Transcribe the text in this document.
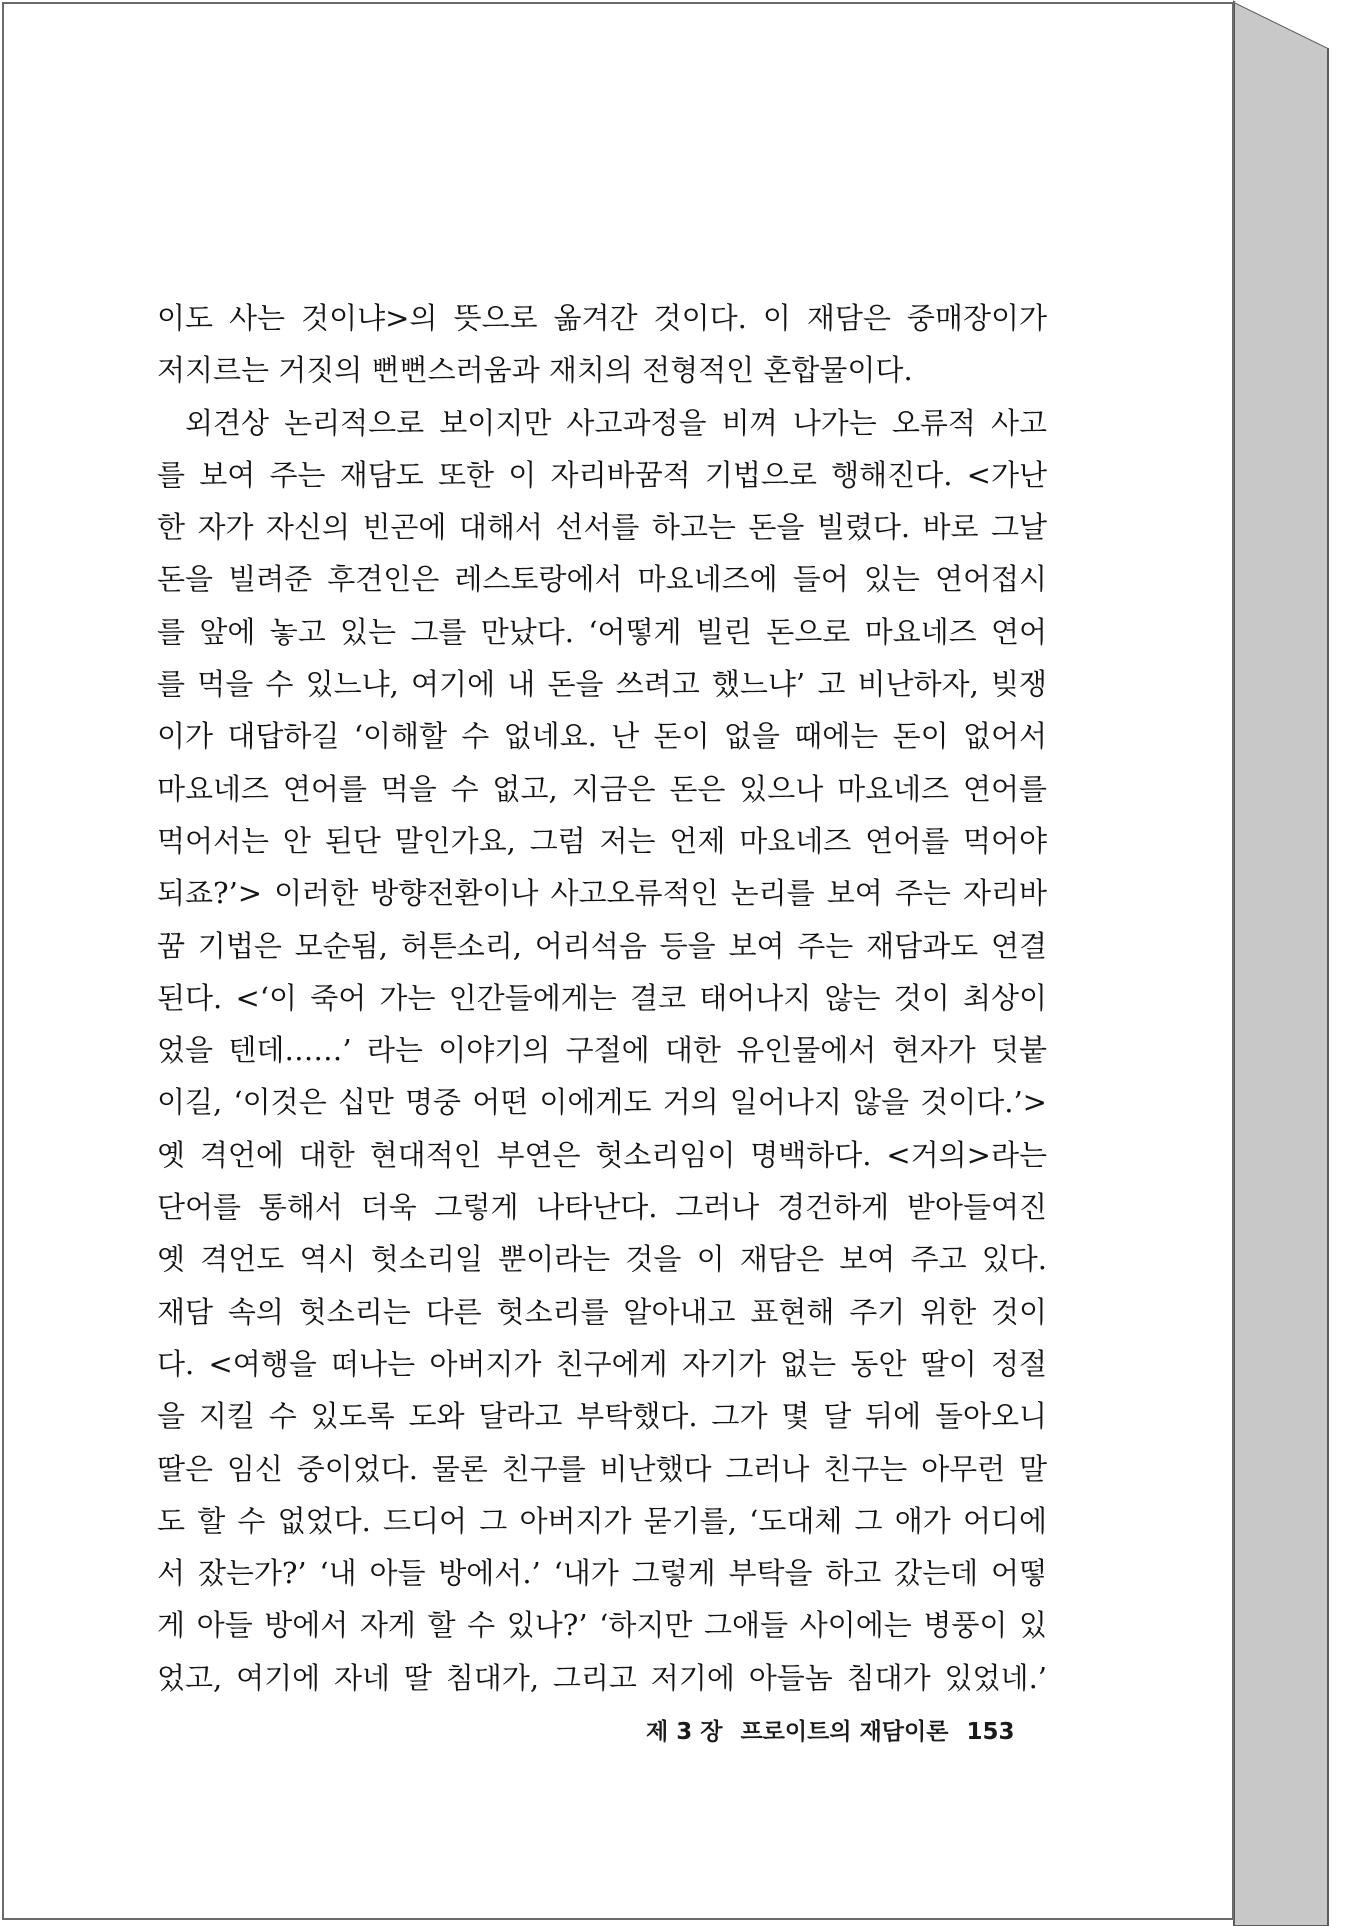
이도 사는 것이냐>의 뜻으로 옮겨간 것이다. 이 재담은 중매장이가
저지르는 거짓의 뻔뻔스러움과 재치의 전형적인 혼합물이다.
외견상 논리적으로 보이지만 사고과정을 비껴 나가는 오류적 사고
를 보여 주는 재담도 또한 이 자리바꿈적 기법으로 행해진다. <가난
한 자가 자신의 빈곤에 대해서 선서를 하고는 돈을 빌렸다. 바로 그날
돈을 빌려준 후견인은 레스토랑에서 마요네즈에 들어 있는 연어접시
를 앞에 놓고 있는 그를 만났다. ‘어떻게 빌린 돈으로 마요네즈 연어
를 먹을 수 있느냐, 여기에 내 돈을 쓰려고 했느냐’ 고 비난하자, 빚쟁
이가 대답하길 ‘이해할 수 없네요. 난 돈이 없을 때에는 돈이 없어서
마요네즈 연어를 먹을 수 없고, 지금은 돈은 있으나 마요네즈 연어를
먹어서는 안 된단 말인가요, 그럼 저는 언제 마요네즈 연어를 먹어야
되죠?’> 이러한 방향전환이나 사고오류적인 논리를 보여 주는 자리바
꿈 기법은 모순됨, 허튼소리, 어리석음 등을 보여 주는 재담과도 연결
된다. <‘이 죽어 가는 인간들에게는 결코 태어나지 않는 것이 최상이
었을 텐데……’ 라는 이야기의 구절에 대한 유인물에서 현자가 덧붙
이길, ‘이것은 십만 명중 어떤 이에게도 거의 일어나지 않을 것이다.’>
옛 격언에 대한 현대적인 부연은 헛소리임이 명백하다. <거의>라는
단어를 통해서 더욱 그렇게 나타난다. 그러나 경건하게 받아들여진
옛 격언도 역시 헛소리일 뿐이라는 것을 이 재담은 보여 주고 있다.
재담 속의 헛소리는 다른 헛소리를 알아내고 표현해 주기 위한 것이
다. <여행을 떠나는 아버지가 친구에게 자기가 없는 동안 딸이 정절
을 지킬 수 있도록 도와 달라고 부탁했다. 그가 몇 달 뒤에 돌아오니
딸은 임신 중이었다. 물론 친구를 비난했다 그러나 친구는 아무런 말
도 할 수 없었다. 드디어 그 아버지가 묻기를, ‘도대체 그 애가 어디에
서 잤는가?’ ‘내 아들 방에서.’ ‘내가 그렇게 부탁을 하고 갔는데 어떻
게 아들 방에서 자게 할 수 있나?’ ‘하지만 그애들 사이에는 병풍이 있
었고, 여기에 자네 딸 침대가, 그리고 저기에 아들놈 침대가 있었네.’
제 3 장 프로이트의 재담이론 153
